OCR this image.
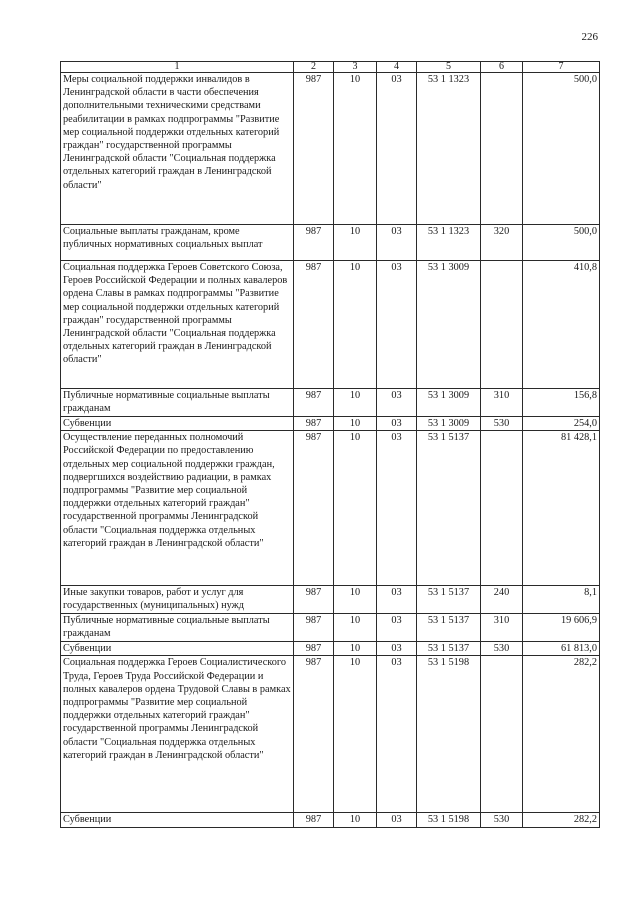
226
1	2	3	4	5	6	7
Меры социальной поддержки инвалидов в Ленинградской области в части обеспечения дополнительными техническими средствами реабилитации в рамках подпрограммы "Развитие мер социальной поддержки отдельных категорий граждан" государственной программы Ленинградской области "Социальная поддержка отдельных категорий граждан в Ленинградской области"	987	10	03	53 1 1323		500,0
Социальные выплаты гражданам, кроме публичных нормативных социальных выплат	987	10	03	53 1 1323	320	500,0
Социальная поддержка Героев Советского Союза, Героев Российской Федерации и полных кавалеров ордена Славы в рамках подпрограммы "Развитие мер социальной поддержки отдельных категорий граждан" государственной программы Ленинградской области "Социальная поддержка отдельных категорий граждан в Ленинградской области"	987	10	03	53 1 3009		410,8
Публичные нормативные социальные выплаты гражданам	987	10	03	53 1 3009	310	156,8
Субвенции	987	10	03	53 1 3009	530	254,0
Осуществление переданных полномочий Российской Федерации по предоставлению отдельных мер социальной поддержки граждан, подвергшихся воздействию радиации, в рамках подпрограммы "Развитие мер социальной поддержки отдельных категорий граждан" государственной программы Ленинградской области "Социальная поддержка отдельных категорий граждан в Ленинградской области"	987	10	03	53 1 5137		81 428,1
Иные закупки товаров, работ и услуг для государственных (муниципальных) нужд	987	10	03	53 1 5137	240	8,1
Публичные нормативные социальные выплаты гражданам	987	10	03	53 1 5137	310	19 606,9
Субвенции	987	10	03	53 1 5137	530	61 813,0
Социальная поддержка Героев Социалистического Труда, Героев Труда Российской Федерации и полных кавалеров ордена Трудовой Славы в рамках подпрограммы "Развитие мер социальной поддержки отдельных категорий граждан" государственной программы Ленинградской области "Социальная поддержка отдельных категорий граждан в Ленинградской области"	987	10	03	53 1 5198		282,2
Субвенции	987	10	03	53 1 5198	530	282,2
